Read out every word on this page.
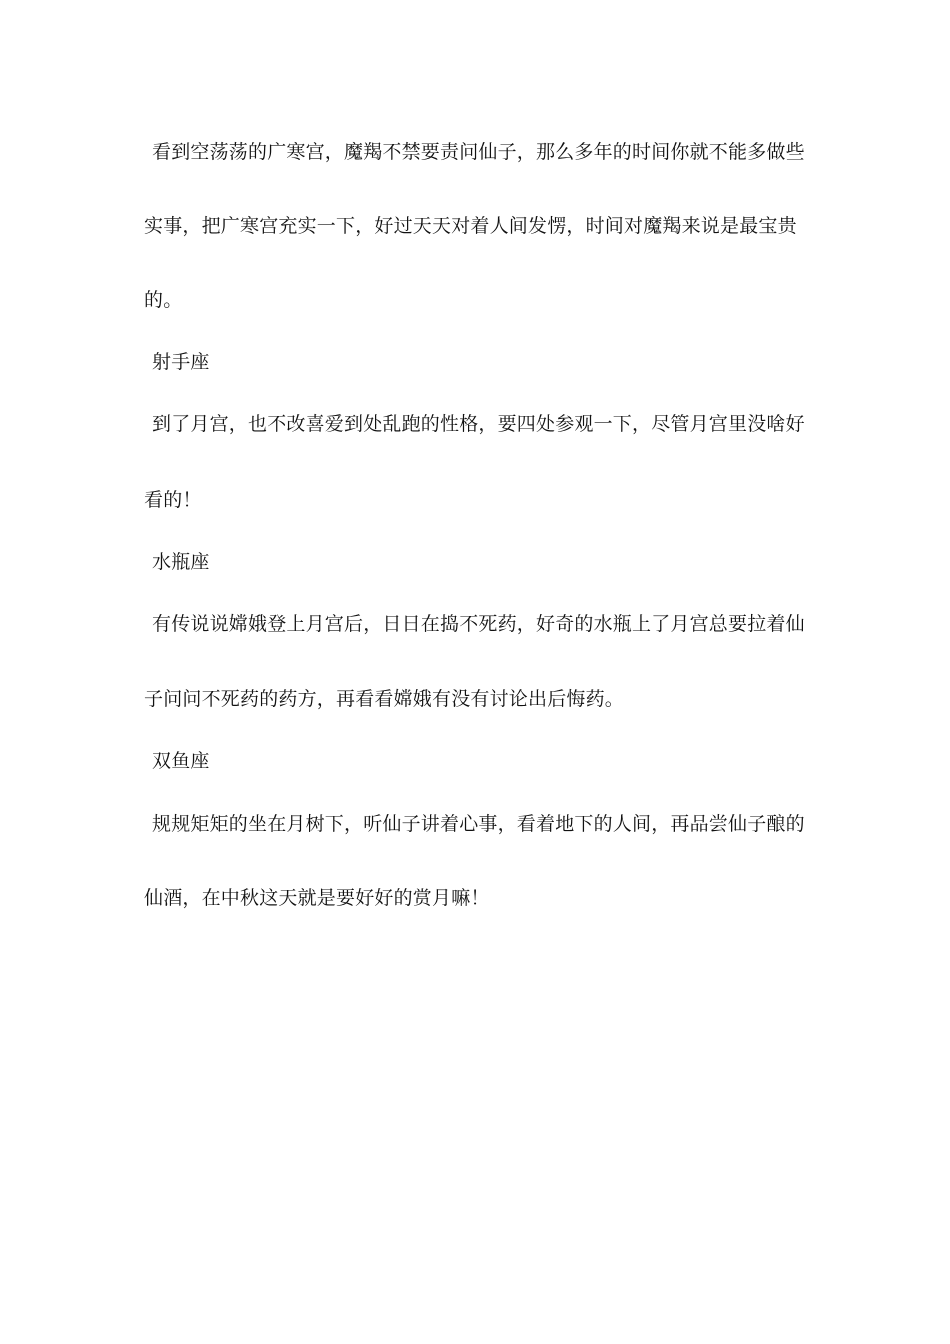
看到空荡荡的广寒宫，魔羯不禁要责问仙子，那么多年的时间你就不能多做些
实事，把广寒宫充实一下，好过天天对着人间发愣，时间对魔羯来说是最宝贵
的。
射手座
到了月宫，也不改喜爱到处乱跑的性格，要四处参观一下，尽管月宫里没啥好
看的！
水瓶座
有传说说嫦娥登上月宫后，日日在捣不死药，好奇的水瓶上了月宫总要拉着仙
子问问不死药的药方，再看看嫦娥有没有讨论出后悔药。
双鱼座
规规矩矩的坐在月树下，听仙子讲着心事，看着地下的人间，再品尝仙子酿的
仙酒，在中秋这天就是要好好的赏月嘛！
